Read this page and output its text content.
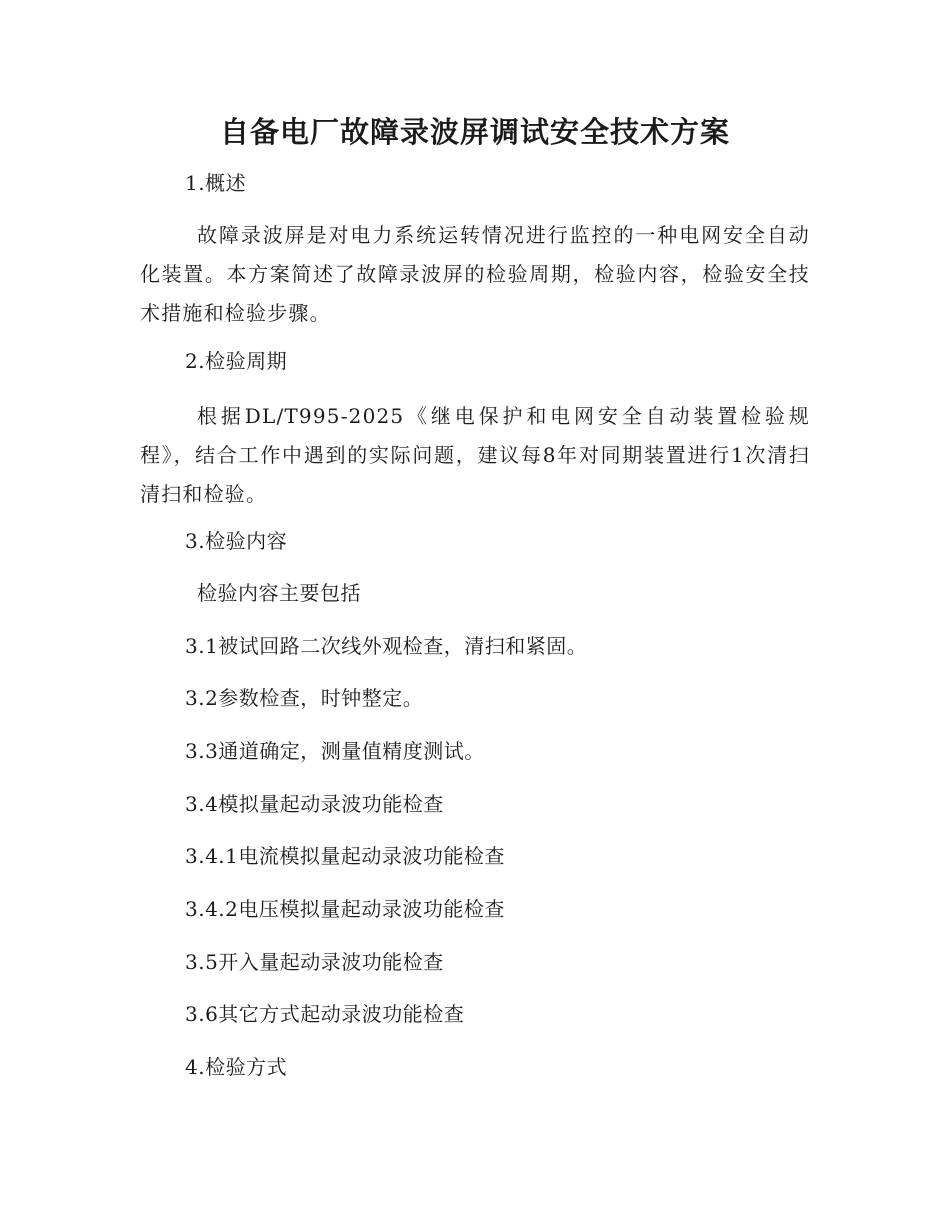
自备电厂故障录波屏调试安全技术方案

1.概述

故障录波屏是对电力系统运转情况进行监控的一种电网安全自动化装置。本方案简述了故障录波屏的检验周期，检验内容，检验安全技术措施和检验步骤。

2.检验周期

根据DL/T995-2025《继电保护和电网安全自动装置检验规程》，结合工作中遇到的实际问题，建议每8年对同期装置进行1次清扫清扫和检验。

3.检验内容

检验内容主要包括

3.1被试回路二次线外观检查，清扫和紧固。

3.2参数检查，时钟整定。

3.3通道确定，测量值精度测试。

3.4模拟量起动录波功能检查

3.4.1电流模拟量起动录波功能检查

3.4.2电压模拟量起动录波功能检查

3.5开入量起动录波功能检查

3.6其它方式起动录波功能检查

4.检验方式
